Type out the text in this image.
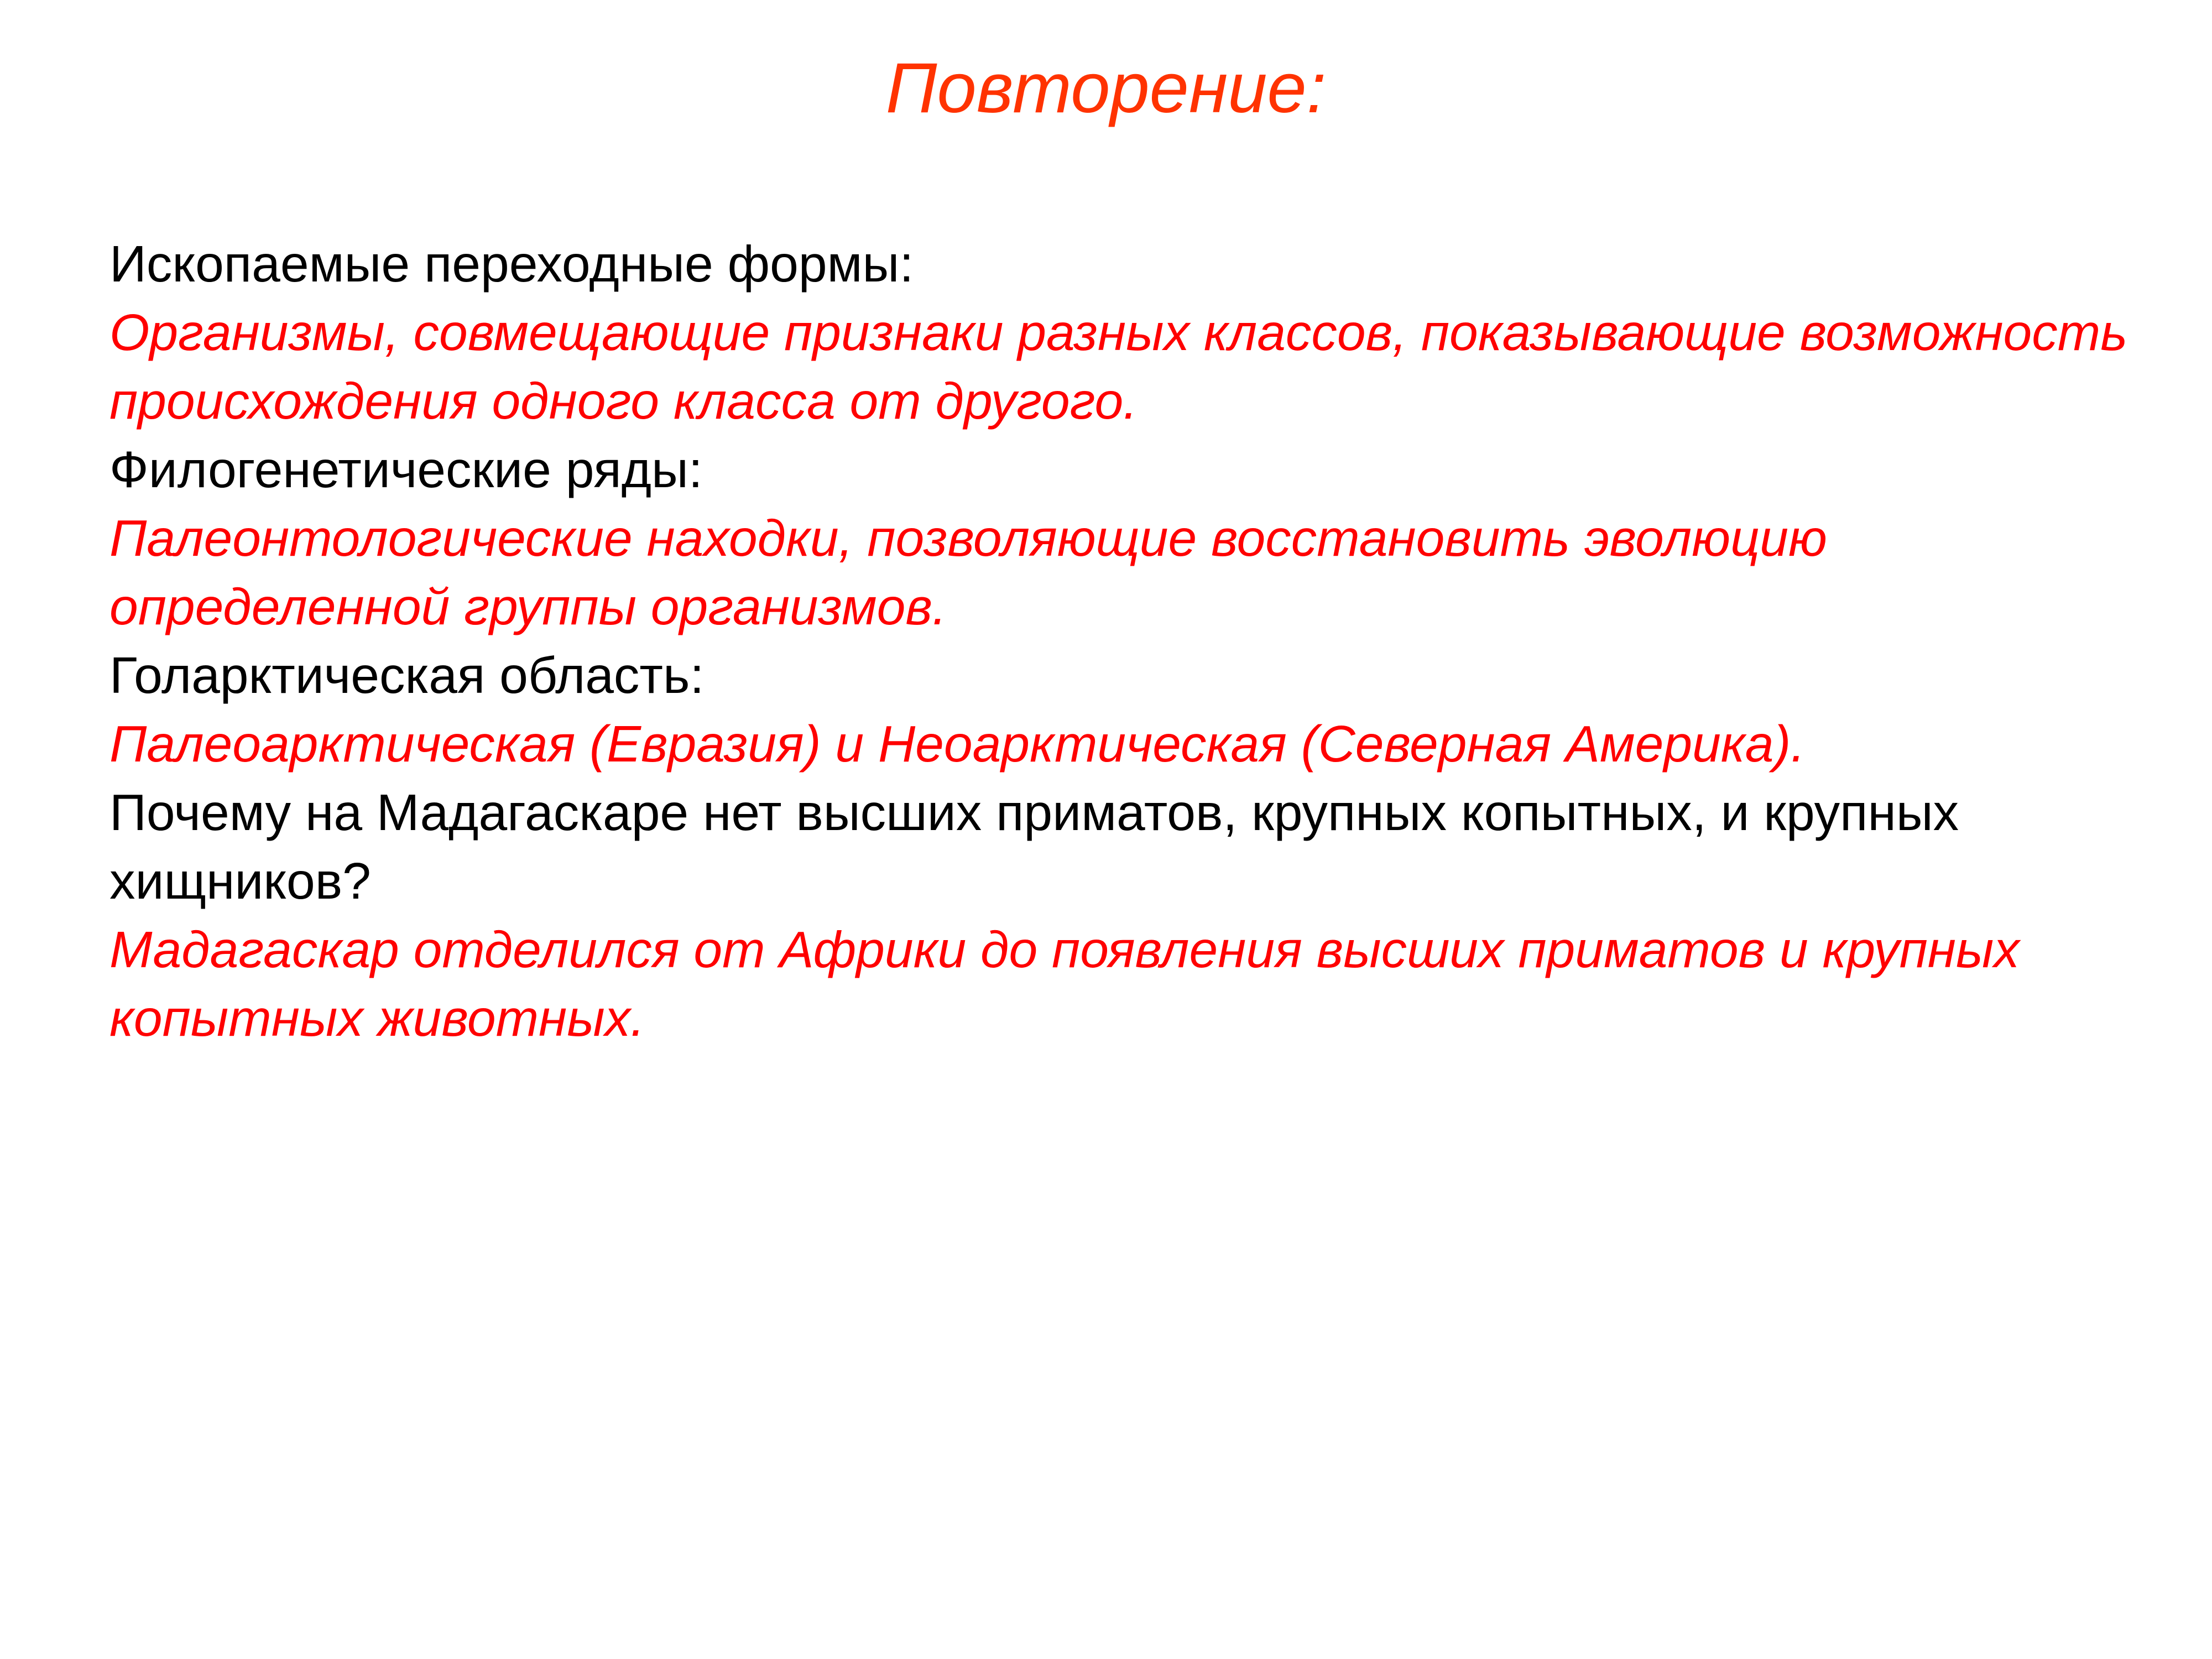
Повторение:
Ископаемые переходные формы:
Организмы, совмещающие признаки разных классов, показывающие возможность происхождения одного класса от другого.
Филогенетические ряды:
Палеонтологические находки, позволяющие восстановить эволюцию определенной группы организмов.
Голарктическая область:
Палеоарктическая (Евразия) и Неоарктическая (Северная Америка).
Почему на Мадагаскаре нет высших приматов, крупных копытных, и крупных хищников?
Мадагаскар отделился от Африки до появления высших приматов и крупных копытных животных.
